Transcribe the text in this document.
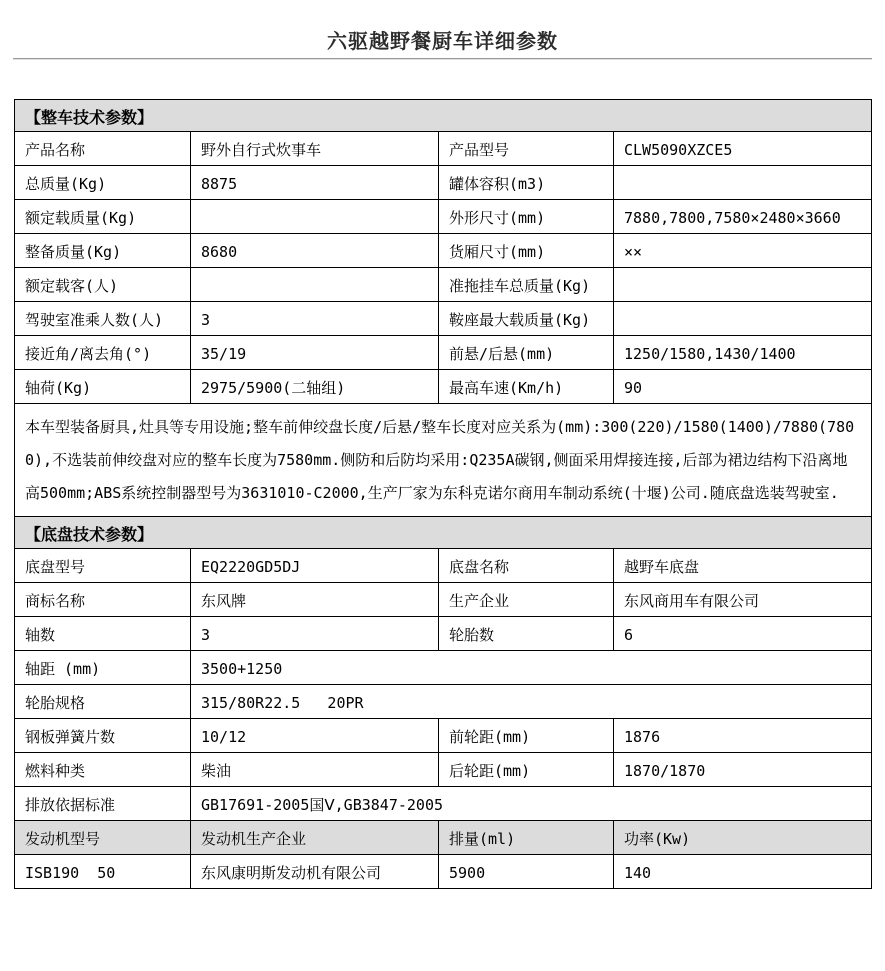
六驱越野餐厨车详细参数
【整车技术参数】			
产品名称	野外自行式炊事车	产品型号	CLW5090XZCE5
总质量(Kg)	8875	罐体容积(m3)	
额定载质量(Kg)		外形尺寸(mm)	7880,7800,7580×2480×3660
整备质量(Kg)	8680	货厢尺寸(mm)	××
额定载客(人)		准拖挂车总质量(Kg)	
驾驶室准乘人数(人)	3	鞍座最大载质量(Kg)	
接近角/离去角(°)	35/19	前悬/后悬(mm)	1250/1580,1430/1400
轴荷(Kg)	2975/5900(二轴组)	最高车速(Km/h)	90
本车型装备厨具,灶具等专用设施;整车前伸绞盘长度/后悬/整车长度对应关系为(mm):300(220)/1580(1400)/7880(7800),不选装前伸绞盘对应的整车长度为7580mm.侧防和后防均采用:Q235A碳钢,侧面采用焊接连接,后部为裙边结构下沿离地高500mm;ABS系统控制器型号为3631010-C2000,生产厂家为东科克诺尔商用车制动系统(十堰)公司.随底盘选装驾驶室.			
【底盘技术参数】			
底盘型号	EQ2220GD5DJ	底盘名称	越野车底盘
商标名称	东风牌	生产企业	东风商用车有限公司
轴数	3	轮胎数	6
轴距 (mm)	3500+1250		
轮胎规格	315/80R22.5   20PR		
钢板弹簧片数	10/12	前轮距(mm)	1876
燃料种类	柴油	后轮距(mm)	1870/1870
排放依据标准	GB17691-2005国Ⅴ,GB3847-2005		
发动机型号	发动机生产企业	排量(ml)	功率(Kw)
ISB190  50	东风康明斯发动机有限公司	5900	140
